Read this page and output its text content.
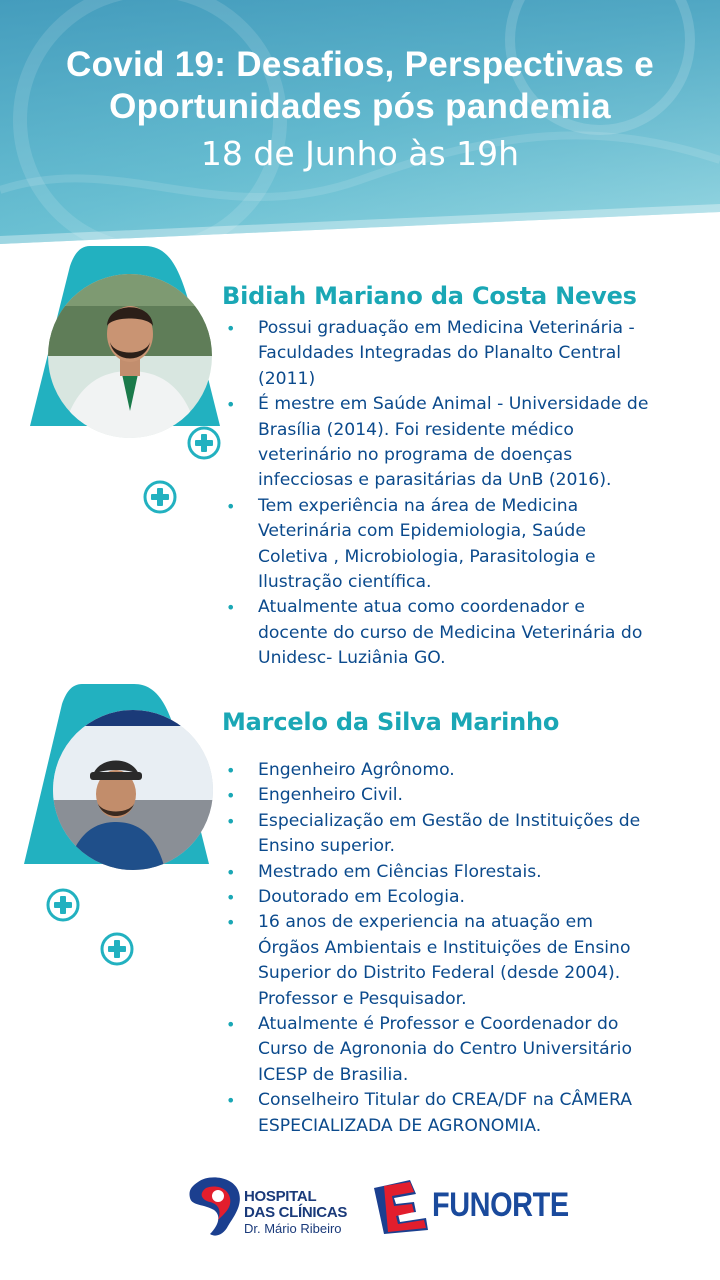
Covid 19: Desafios, Perspectivas e
Oportunidades pós pandemia
18 de Junho às 19h
Bidiah Mariano da Costa Neves
• Possui graduação em Medicina Veterinária -
Faculdades Integradas do Planalto Central
(2011)
• É mestre em Saúde Animal - Universidade de
Brasília (2014). Foi residente médico
veterinário no programa de doenças
infecciosas e parasitárias da UnB (2016).
• Tem experiência na área de Medicina
Veterinária com Epidemiologia, Saúde
Coletiva , Microbiologia, Parasitologia e
Ilustração científica.
• Atualmente atua como coordenador e
docente do curso de Medicina Veterinária do
Unidesc- Luziânia GO.
Marcelo da Silva Marinho
• Engenheiro Agrônomo.
• Engenheiro Civil.
• Especialização em Gestão de Instituições de
Ensino superior.
• Mestrado em Ciências Florestais.
• Doutorado em Ecologia.
• 16 anos de experiencia na atuação em
Órgãos Ambientais e Instituições de Ensino
Superior do Distrito Federal (desde 2004).
Professor e Pesquisador.
• Atualmente é Professor e Coordenador do
Curso de Agrononia do Centro Universitário
ICESP de Brasilia.
• Conselheiro Titular do CREA/DF na CÂMERA
ESPECIALIZADA DE AGRONOMIA.
HOSPITAL
DAS CLÍNICAS
Dr. Mário Ribeiro
FUNORTE
